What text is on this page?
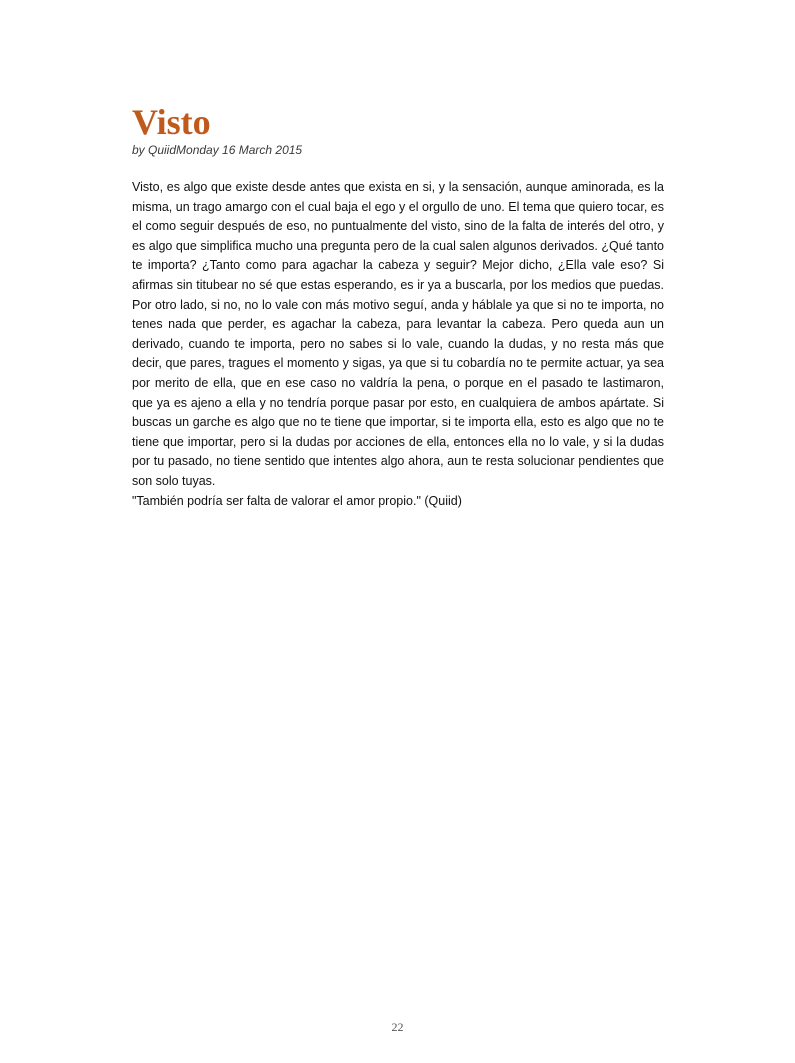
Visto

by QuiidMonday 16 March 2015

Visto, es algo que existe desde antes que exista en si, y la sensación, aunque aminorada, es la misma, un trago amargo con el cual baja el ego y el orgullo de uno. El tema que quiero tocar, es el como seguir después de eso, no puntualmente del visto, sino de la falta de interés del otro, y es algo que simplifica mucho una pregunta pero de la cual salen algunos derivados. ¿Qué tanto te importa? ¿Tanto como para agachar la cabeza y seguir? Mejor dicho, ¿Ella vale eso? Si afirmas sin titubear no sé que estas esperando, es ir ya a buscarla, por los medios que puedas. Por otro lado, si no, no lo vale con más motivo seguí, anda y háblale ya que si no te importa, no tenes nada que perder, es agachar la cabeza, para levantar la cabeza. Pero queda aun un derivado, cuando te importa, pero no sabes si lo vale, cuando la dudas, y no resta más que decir, que pares, tragues el momento y sigas, ya que si tu cobardía no te permite actuar, ya sea por merito de ella, que en ese caso no valdría la pena, o porque en el pasado te lastimaron, que ya es ajeno a ella y no tendría porque pasar por esto, en cualquiera de ambos apártate. Si buscas un garche es algo que no te tiene que importar, si te importa ella, esto es algo que no te tiene que importar, pero si la dudas por acciones de ella, entonces ella no lo vale, y si la dudas por tu pasado, no tiene sentido que intentes algo ahora, aun te resta solucionar pendientes que son solo tuyas.

"También podría ser falta de valorar el amor propio." (Quiid)

22
